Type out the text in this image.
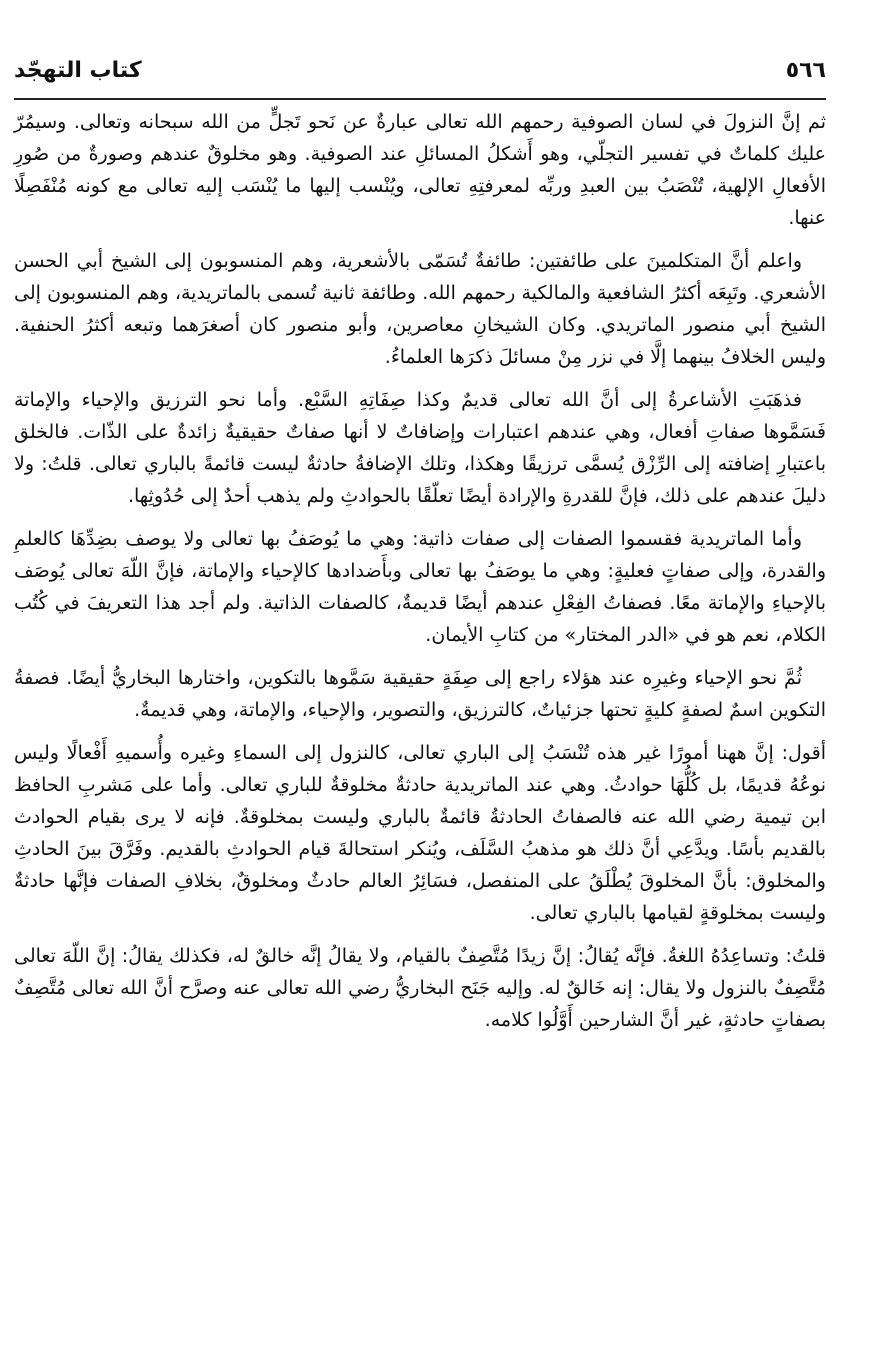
٥٦٦
كتاب التهجّد

ثم إنَّ النزولَ في لسان الصوفية رحمهم الله تعالى عبارةٌ عن نَحو تَجلٍّ من الله سبحانه وتعالى. وسيمُرّ عليك كلماتٌ في تفسير التجلّي، وهو أَشكلُ المسائلِ عند الصوفية. وهو مخلوقٌ عندهم وصورةٌ من صُورِ الأفعالِ الإلهية، تُنْصَبُ بين العبدِ وربِّه لمعرفتِهِ تعالى، ويُنْسب إليها ما يُنْسَب إليه تعالى مع كونه مُنْفَصِلًا عنها.

واعلم أنَّ المتكلمينَ على طائفتين: طائفةٌ تُسَمّى بالأشعرية، وهم المنسوبون إلى الشيخ أبي الحسن الأشعري. وتَبِعَه أكثرُ الشافعية والمالكية رحمهم الله. وطائفة ثانية تُسمى بالماتريدية، وهم المنسوبون إلى الشيخ أبي منصور الماتريدي. وكان الشيخانِ معاصرين، وأبو منصور كان أصغرَهما وتبعه أكثرُ الحنفية. وليس الخلافُ بينهما إلَّا في نزر مِنْ مسائلَ ذكرَها العلماءُ.

فذهَبَتِ الأشاعرةُ إلى أنَّ الله تعالى قديمٌ وكذا صِفَاتِهِ السَّبْع. وأما نحو الترزيق والإحياء والإماتة فَسَمَّوها صفاتِ أفعال، وهي عندهم اعتبارات وإضافاتٌ لا أنها صفاتٌ حقيقيةٌ زائدةٌ على الذّات. فالخلق باعتبارِ إضافته إلى الرِّزْق يُسمَّى ترزيقًا وهكذا، وتلك الإضافةُ حادثةٌ ليست قائمةً بالباري تعالى. قلتُ: ولا دليلَ عندهم على ذلك، فإنَّ للقدرةِ والإرادة أيضًا تعلّقًا بالحوادثِ ولم يذهب أحدٌ إلى حُدُوثِها.

وأما الماتريدية فقسموا الصفات إلى صفات ذاتية: وهي ما يُوصَفُ بها تعالى ولا يوصف بضِدِّهَا كالعلمِ والقدرة، وإلى صفاتٍ فعليةٍ: وهي ما يوصَفُ بها تعالى وبأَضدادها كالإحياء والإماتة، فإنَّ اللّهَ تعالى يُوصَف بالإحياءِ والإماتة معًا. فصفاتُ الفِعْلِ عندهم أيضًا قديمةٌ، كالصفات الذاتية. ولم أجد هذا التعريفَ في كُتُب الكلام، نعم هو في «الدر المختار» من كتابِ الأيمان.

ثُمَّ نحو الإحياء وغيرِه عند هؤلاء راجع إلى صِفَةٍ حقيقية سَمَّوها بالتكوين، واختارها البخاريُّ أيضًا. فصفةُ التكوين اسمٌ لصفةٍ كليةٍ تحتها جزئياتٌ، كالترزيق، والتصوير، والإحياء، والإماتة، وهي قديمةٌ.

أقول: إنَّ ههنا أمورًا غير هذه تُنْسَبُ إلى الباري تعالى، كالنزول إلى السماءِ وغيره وأُسميهِ أَفْعالًا وليس نوعُهُ قديمًا، بل كُلُّهَا حوادثُ. وهي عند الماتريدية حادثةٌ مخلوقةٌ للباري تعالى. وأما على مَشربِ الحافظ ابن تيمية رضي الله عنه فالصفاتُ الحادثةُ قائمةٌ بالباري وليست بمخلوقةٌ. فإنه لا يرى بقيام الحوادث بالقديم بأسًا. ويدَّعِي أنَّ ذلك هو مذهبُ السَّلَف، ويُنكر استحالةَ قيام الحوادثِ بالقديم. وفَرَّقَ بينَ الحادثِ والمخلوق: بأنَّ المخلوقَ يُطْلَقُ على المنفصل، فسَائِرُ العالم حادثٌ ومخلوقٌ، بخلافِ الصفات فإنَّها حادثةٌ وليست بمخلوقةٍ لقيامها بالباري تعالى.

قلتُ: وتساعِدُهُ اللغةُ. فإنَّه يُقالُ: إنَّ زيدًا مُتَّصِفٌ بالقيام، ولا يقالُ إنَّه خالقٌ له، فكذلك يقالُ: إنَّ اللّهَ تعالى مُتَّصِفٌ بالنزول ولا يقال: إنه خَالقٌ له. وإليه جَنَح البخاريُّ رضي الله تعالى عنه وصرَّح أنَّ الله تعالى مُتَّصِفٌ بصفاتٍ حادثةٍ، غير أنَّ الشارحين أَوَّلُوا كلامه.
